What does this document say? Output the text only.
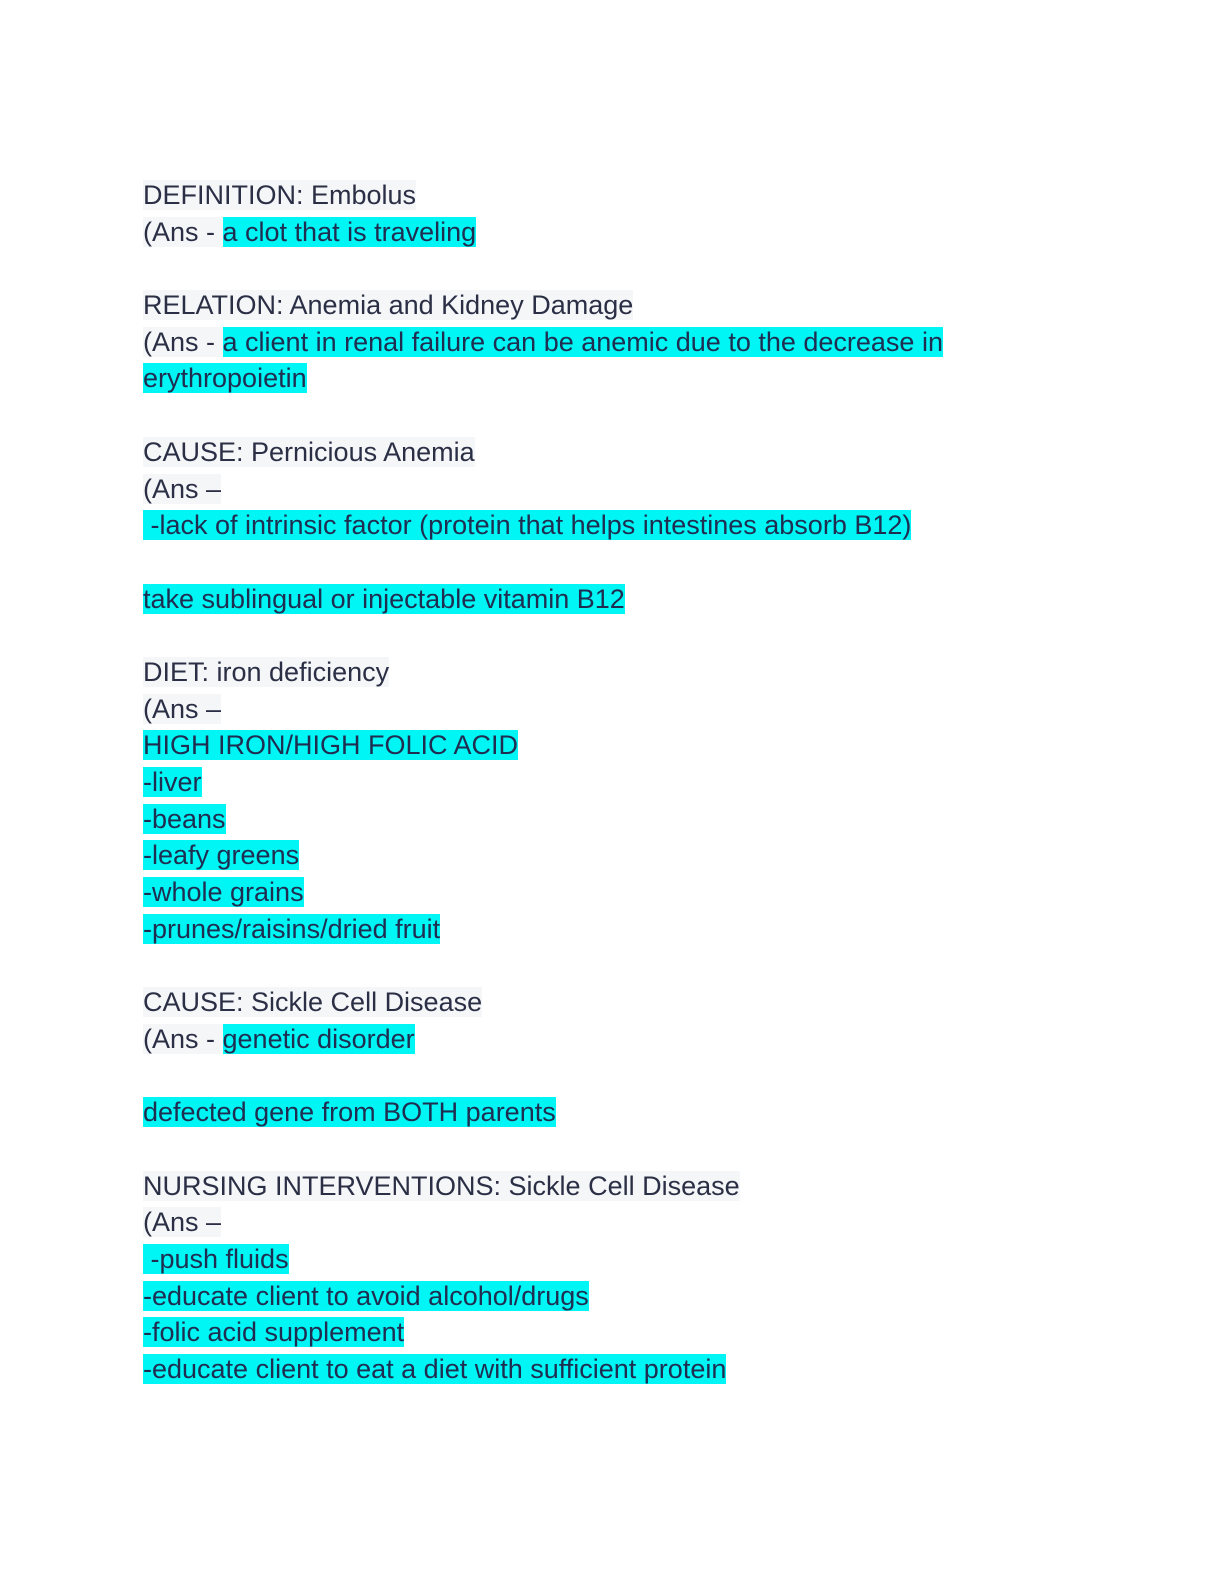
DEFINITION: Embolus
(Ans - a clot that is traveling
RELATION: Anemia and Kidney Damage
(Ans - a client in renal failure can be anemic due to the decrease in
erythropoietin
CAUSE: Pernicious Anemia
(Ans –
-lack of intrinsic factor (protein that helps intestines absorb B12)
take sublingual or injectable vitamin B12
DIET: iron deficiency
(Ans –
HIGH IRON/HIGH FOLIC ACID
-liver
-beans
-leafy greens
-whole grains
-prunes/raisins/dried fruit
CAUSE: Sickle Cell Disease
(Ans - genetic disorder
defected gene from BOTH parents
NURSING INTERVENTIONS: Sickle Cell Disease
(Ans –
-push fluids
-educate client to avoid alcohol/drugs
-folic acid supplement
-educate client to eat a diet with sufficient protein
